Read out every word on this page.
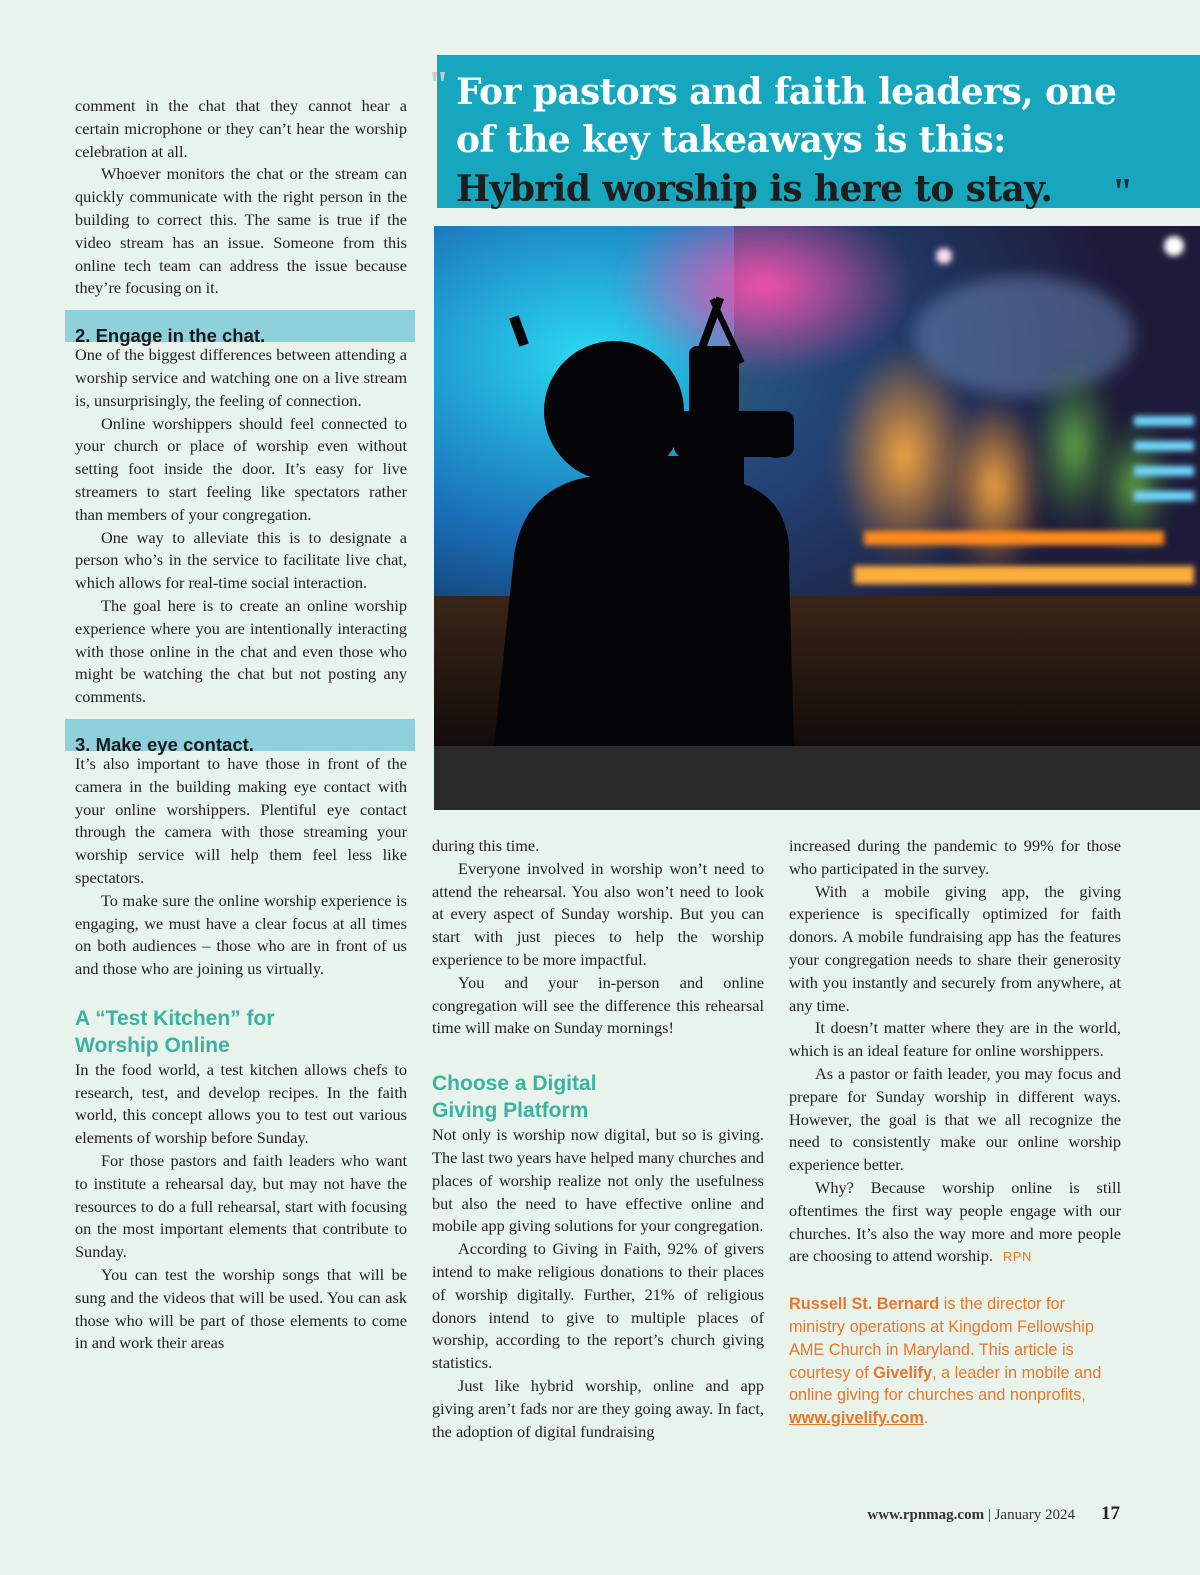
" For pastors and faith leaders, one
of the key takeaways is this:
Hybrid worship is here to stay. "

comment in the chat that they cannot hear a certain microphone or they can’t hear the worship celebration at all.

Whoever monitors the chat or the stream can quickly communicate with the right person in the building to correct this. The same is true if the video stream has an issue. Someone from this online tech team can address the issue because they’re focusing on it.

2. Engage in the chat.

One of the biggest differences between attending a worship service and watching one on a live stream is, unsurprisingly, the feeling of connection.

Online worshippers should feel connected to your church or place of worship even without setting foot inside the door. It’s easy for live streamers to start feeling like spectators rather than members of your congregation.

One way to alleviate this is to designate a person who’s in the service to facilitate live chat, which allows for real-time social interaction.

The goal here is to create an online worship experience where you are intentionally interacting with those online in the chat and even those who might be watching the chat but not posting any comments.

3. Make eye contact.

It’s also important to have those in front of the camera in the building making eye contact with your online worshippers. Plentiful eye contact through the camera with those streaming your worship service will help them feel less like spectators.

To make sure the online worship experience is engaging, we must have a clear focus at all times on both audiences – those who are in front of us and those who are joining us virtually.

A “Test Kitchen” for
Worship Online

In the food world, a test kitchen allows chefs to research, test, and develop recipes. In the faith world, this concept allows you to test out various elements of worship before Sunday.

For those pastors and faith leaders who want to institute a rehearsal day, but may not have the resources to do a full rehearsal, start with focusing on the most important elements that contribute to Sunday.

You can test the worship songs that will be sung and the videos that will be used. You can ask those who will be part of those elements to come in and work their areas

during this time.

Everyone involved in worship won’t need to attend the rehearsal. You also won’t need to look at every aspect of Sunday worship. But you can start with just pieces to help the worship experience to be more impactful.

You and your in-person and online congregation will see the difference this rehearsal time will make on Sunday mornings!

Choose a Digital
Giving Platform

Not only is worship now digital, but so is giving. The last two years have helped many churches and places of worship realize not only the usefulness but also the need to have effective online and mobile app giving solutions for your congregation.

According to Giving in Faith, 92% of givers intend to make religious donations to their places of worship digitally. Further, 21% of religious donors intend to give to multiple places of worship, according to the report’s church giving statistics.

Just like hybrid worship, online and app giving aren’t fads nor are they going away. In fact, the adoption of digital fundraising

increased during the pandemic to 99% for those who participated in the survey.

With a mobile giving app, the giving experience is specifically optimized for faith donors. A mobile fundraising app has the features your congregation needs to share their generosity with you instantly and securely from anywhere, at any time.

It doesn’t matter where they are in the world, which is an ideal feature for online worshippers.

As a pastor or faith leader, you may focus and prepare for Sunday worship in different ways. However, the goal is that we all recognize the need to consistently make our online worship experience better.

Why? Because worship online is still oftentimes the first way people engage with our churches. It’s also the way more and more people are choosing to attend worship. RPN

Russell St. Bernard is the director for ministry operations at Kingdom Fellowship AME Church in Maryland. This article is courtesy of Givelify, a leader in mobile and online giving for churches and nonprofits, www.givelify.com.
www.rpnmag.com | January 2024 17
